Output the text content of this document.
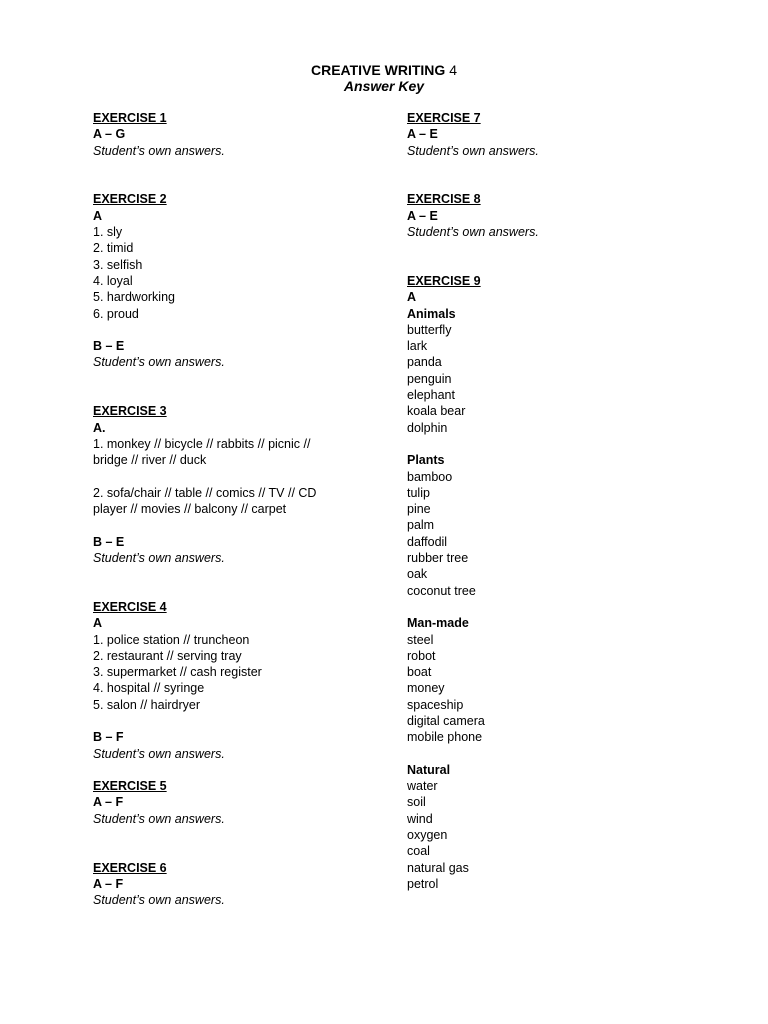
CREATIVE WRITING 4
Answer Key
EXERCISE 1
A – G
Student’s own answers.
EXERCISE 2
A
1. sly
2. timid
3. selfish
4. loyal
5. hardworking
6. proud
B – E
Student’s own answers.
EXERCISE 3
A.
1. monkey // bicycle // rabbits // picnic //
bridge // river // duck
2. sofa/chair // table // comics // TV // CD
player // movies // balcony // carpet
B – E
Student’s own answers.
EXERCISE 4
A
1. police station // truncheon
2. restaurant // serving tray
3. supermarket // cash register
4. hospital // syringe
5. salon // hairdryer
B – F
Student’s own answers.
EXERCISE 5
A – F
Student’s own answers.
EXERCISE 6
A – F
Student’s own answers.
EXERCISE 7
A – E
Student’s own answers.
EXERCISE 8
A – E
Student’s own answers.
EXERCISE 9
A
Animals
butterfly
lark
panda
penguin
elephant
koala bear
dolphin
Plants
bamboo
tulip
pine
palm
daffodil
rubber tree
oak
coconut tree
Man-made
steel
robot
boat
money
spaceship
digital camera
mobile phone
Natural
water
soil
wind
oxygen
coal
natural gas
petrol
